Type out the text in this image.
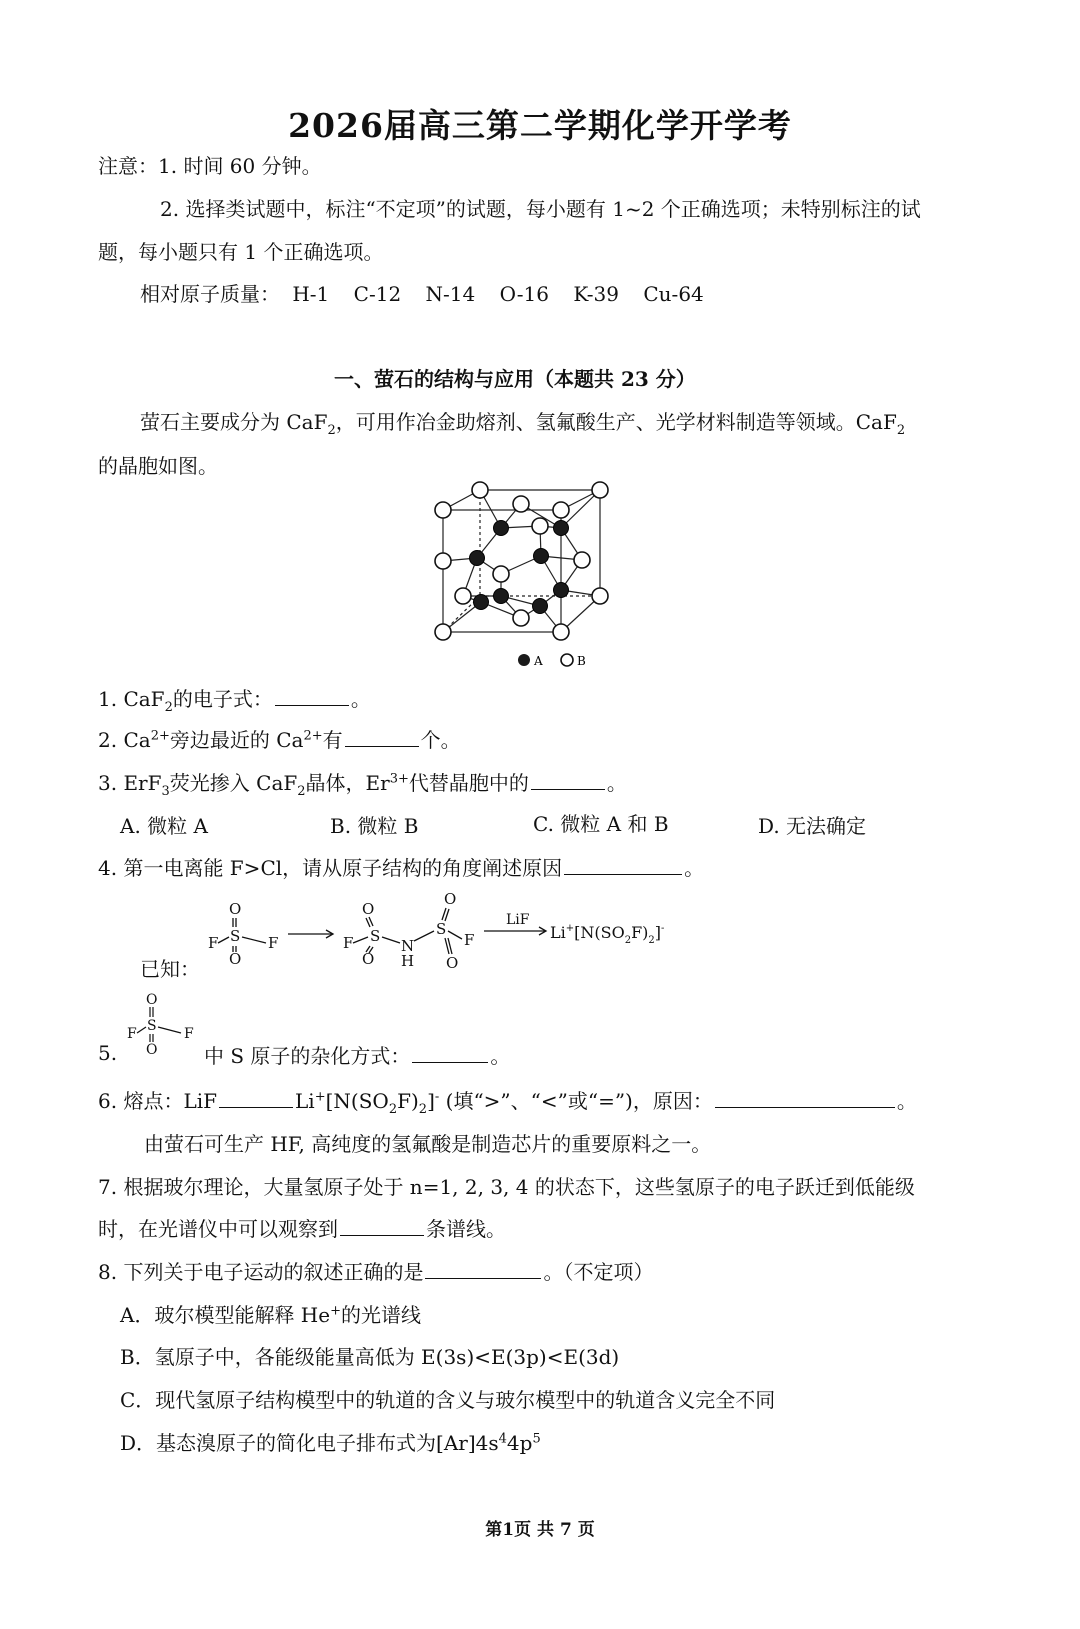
2026届高三第二学期化学开学考
注意：1. 时间 60 分钟。
2. 选择类试题中，标注“不定项”的试题，每小题有 1~2 个正确选项；未特别标注的试
题，每小题只有 1 个正确选项。
相对原子质量： H-1 C-12 N-14 O-16 K-39 Cu-64
一、萤石的结构与应用（本题共 23 分）
萤石主要成分为 CaF$_2$，可用作冶金助熔剂、氢氟酸生产、光学材料制造等领域。CaF$_2$
的晶胞如图。
A	B
1. CaF$_2$的电子式：	。
2. $Ca^{2+}$旁边最近的 $Ca^{2+}$有	个。
3. ErF$_3$荧光掺入 CaF$_2$晶体，$Er^{3+}$代替晶胞中的	。
A. 微粒 A	B. 微粒 B	C. 微粒 A 和 B	D. 无法确定
4. 第一电离能 F>Cl，请从原子结构的角度阐述原因	。
已知：
O
S
F	F
O
O
S
F
O
N
H
O
S
F
O
LiF
$Li^+[N(SO_2F)_2]^-$
O
S
F	F
O
5.	中 S 原子的杂化方式：	。
6. 熔点：LiF	$Li^+[N(SO_2F)_2]^-$ (填“>”、“<”或“=”)，原因：	。
由萤石可生产 HF, 高纯度的氢氟酸是制造芯片的重要原料之一。
7. 根据玻尔理论，大量氢原子处于 n=1, 2, 3, 4 的状态下，这些氢原子的电子跃迁到低能级
时，在光谱仪中可以观察到	条谱线。
8. 下列关于电子运动的叙述正确的是	。（不定项）
A．玻尔模型能解释 He+的光谱线
B．氢原子中，各能级能量高低为 E(3s)<E(3p)<E(3d)
C．现代氢原子结构模型中的轨道的含义与玻尔模型中的轨道含义完全不同
D．基态溴原子的简化电子排布式为$[Ar]4s^44p^5$
第1页 共 7 页
